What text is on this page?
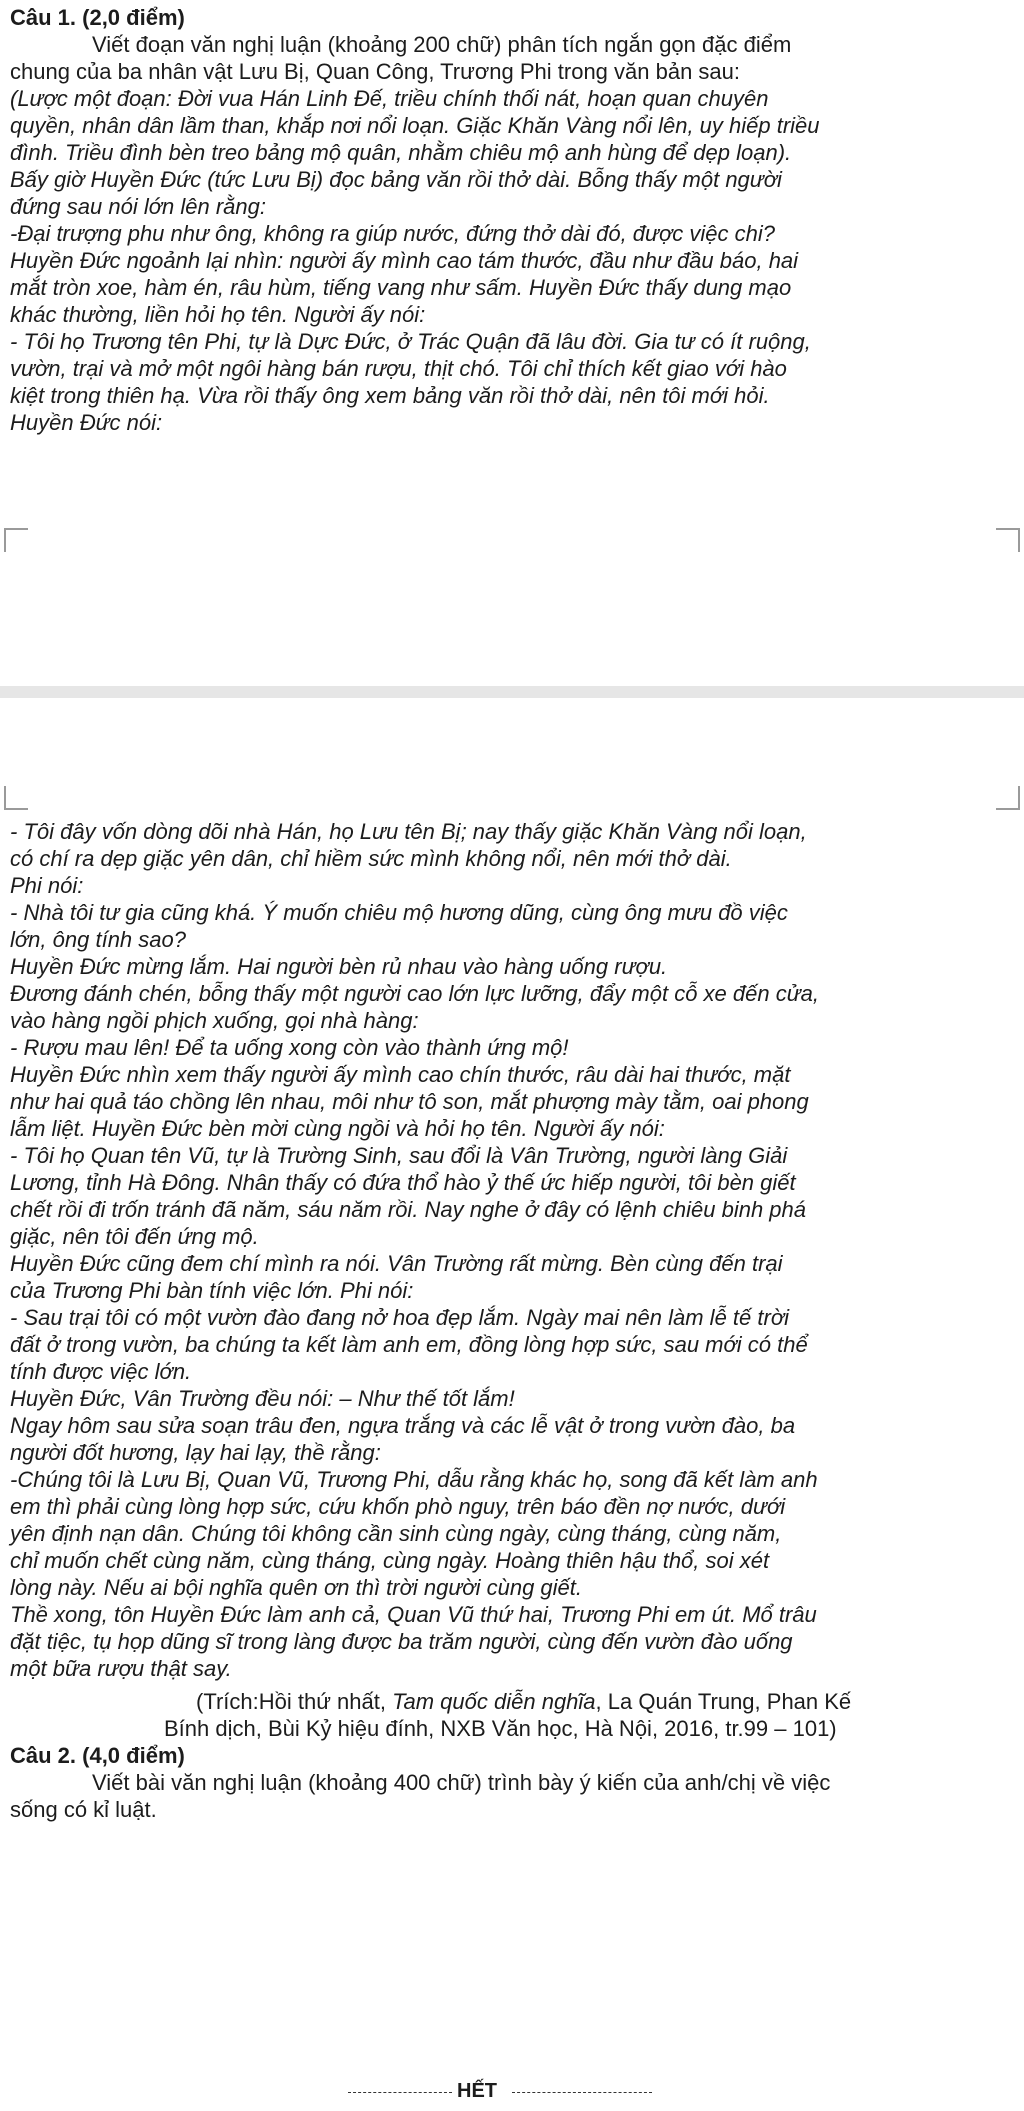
Câu 1. (2,0 điểm)
Viết đoạn văn nghị luận (khoảng 200 chữ) phân tích ngắn gọn đặc điểm
chung của ba nhân vật Lưu Bị, Quan Công, Trương Phi trong văn bản sau:
(Lược một đoạn: Đời vua Hán Linh Đế, triều chính thối nát, hoạn quan chuyên
quyền, nhân dân lầm than, khắp nơi nổi loạn. Giặc Khăn Vàng nổi lên, uy hiếp triều
đình. Triều đình bèn treo bảng mộ quân, nhằm chiêu mộ anh hùng để dẹp loạn).
Bấy giờ Huyền Đức (tức Lưu Bị) đọc bảng văn rồi thở dài. Bỗng thấy một người
đứng sau nói lớn lên rằng:
-Đại trượng phu như ông, không ra giúp nước, đứng thở dài đó, được việc chi?
Huyền Đức ngoảnh lại nhìn: người ấy mình cao tám thước, đầu như đầu báo, hai
mắt tròn xoe, hàm én, râu hùm, tiếng vang như sấm. Huyền Đức thấy dung mạo
khác thường, liền hỏi họ tên. Người ấy nói:
- Tôi họ Trương tên Phi, tự là Dực Đức, ở Trác Quận đã lâu đời. Gia tư có ít ruộng,
vườn, trại và mở một ngôi hàng bán rượu, thịt chó. Tôi chỉ thích kết giao với hào
kiệt trong thiên hạ. Vừa rồi thấy ông xem bảng văn rồi thở dài, nên tôi mới hỏi.
Huyền Đức nói:
- Tôi đây vốn dòng dõi nhà Hán, họ Lưu tên Bị; nay thấy giặc Khăn Vàng nổi loạn,
có chí ra dẹp giặc yên dân, chỉ hiềm sức mình không nổi, nên mới thở dài.
Phi nói:
- Nhà tôi tư gia cũng khá. Ý muốn chiêu mộ hương dũng, cùng ông mưu đồ việc
lớn, ông tính sao?
Huyền Đức mừng lắm. Hai người bèn rủ nhau vào hàng uống rượu.
Đương đánh chén, bỗng thấy một người cao lớn lực lưỡng, đẩy một cỗ xe đến cửa,
vào hàng ngồi phịch xuống, gọi nhà hàng:
- Rượu mau lên! Để ta uống xong còn vào thành ứng mộ!
Huyền Đức nhìn xem thấy người ấy mình cao chín thước, râu dài hai thước, mặt
như hai quả táo chồng lên nhau, môi như tô son, mắt phượng mày tằm, oai phong
lẫm liệt. Huyền Đức bèn mời cùng ngồi và hỏi họ tên. Người ấy nói:
- Tôi họ Quan tên Vũ, tự là Trường Sinh, sau đổi là Vân Trường, người làng Giải
Lương, tỉnh Hà Đông. Nhân thấy có đứa thổ hào ỷ thế ức hiếp người, tôi bèn giết
chết rồi đi trốn tránh đã năm, sáu năm rồi. Nay nghe ở đây có lệnh chiêu binh phá
giặc, nên tôi đến ứng mộ.
Huyền Đức cũng đem chí mình ra nói. Vân Trường rất mừng. Bèn cùng đến trại
của Trương Phi bàn tính việc lớn. Phi nói:
- Sau trại tôi có một vườn đào đang nở hoa đẹp lắm. Ngày mai nên làm lễ tế trời
đất ở trong vườn, ba chúng ta kết làm anh em, đồng lòng hợp sức, sau mới có thể
tính được việc lớn.
Huyền Đức, Vân Trường đều nói: – Như thế tốt lắm!
Ngay hôm sau sửa soạn trâu đen, ngựa trắng và các lễ vật ở trong vườn đào, ba
người đốt hương, lạy hai lạy, thề rằng:
-Chúng tôi là Lưu Bị, Quan Vũ, Trương Phi, dẫu rằng khác họ, song đã kết làm anh
em thì phải cùng lòng hợp sức, cứu khốn phò nguy, trên báo đền nợ nước, dưới
yên định nạn dân. Chúng tôi không cần sinh cùng ngày, cùng tháng, cùng năm,
chỉ muốn chết cùng năm, cùng tháng, cùng ngày. Hoàng thiên hậu thổ, soi xét
lòng này. Nếu ai bội nghĩa quên ơn thì trời người cùng giết.
Thề xong, tôn Huyền Đức làm anh cả, Quan Vũ thứ hai, Trương Phi em út. Mổ trâu
đặt tiệc, tụ họp dũng sĩ trong làng được ba trăm người, cùng đến vườn đào uống
một bữa rượu thật say.
(Trích:Hồi thứ nhất, Tam quốc diễn nghĩa, La Quán Trung, Phan Kế
Bính dịch, Bùi Kỷ hiệu đính, NXB Văn học, Hà Nội, 2016, tr.99 – 101)
Câu 2. (4,0 điểm)
Viết bài văn nghị luận (khoảng 400 chữ) trình bày ý kiến của anh/chị về việc
sống có kỉ luật.
HẾT
